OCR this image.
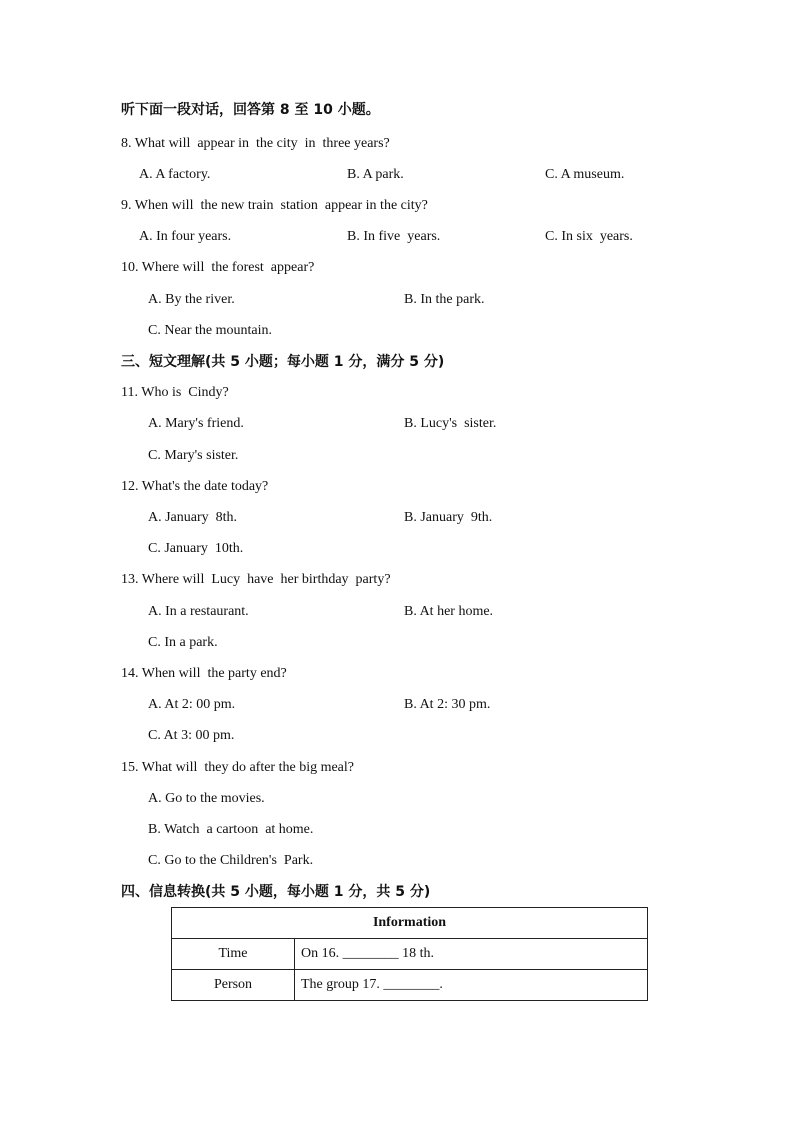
听下面一段对话，回答第 8 至 10 小题。
8. What will  appear in  the city  in  three years?
A. A factory.	B. A park.	C. A museum.
9. When will  the new train  station  appear in the city?
A. In four years.	B. In five  years.	C. In six  years.
10. Where will  the forest  appear?
A. By the river.	B. In the park.
C. Near the mountain.
三、短文理解(共 5 小题；每小题 1 分，满分 5 分)
11. Who is  Cindy?
A. Mary's friend.	B. Lucy's  sister.
C. Mary's sister.
12. What's the date today?
A. January  8th.	B. January  9th.
C. January  10th.
13. Where will  Lucy  have  her birthday  party?
A. In a restaurant.	B. At her home.
C. In a park.
14. When will  the party end?
A. At 2: 00 pm.	B. At 2: 30 pm.
C. At 3: 00 pm.
15. What will  they do after the big meal?
A. Go to the movies.
B. Watch  a cartoon  at home.
C. Go to the Children's  Park.
四、信息转换(共 5 小题，每小题 1 分，共 5 分)
Information	
Time	On 16. ________ 18 th.
Person	The group 17. ________.
